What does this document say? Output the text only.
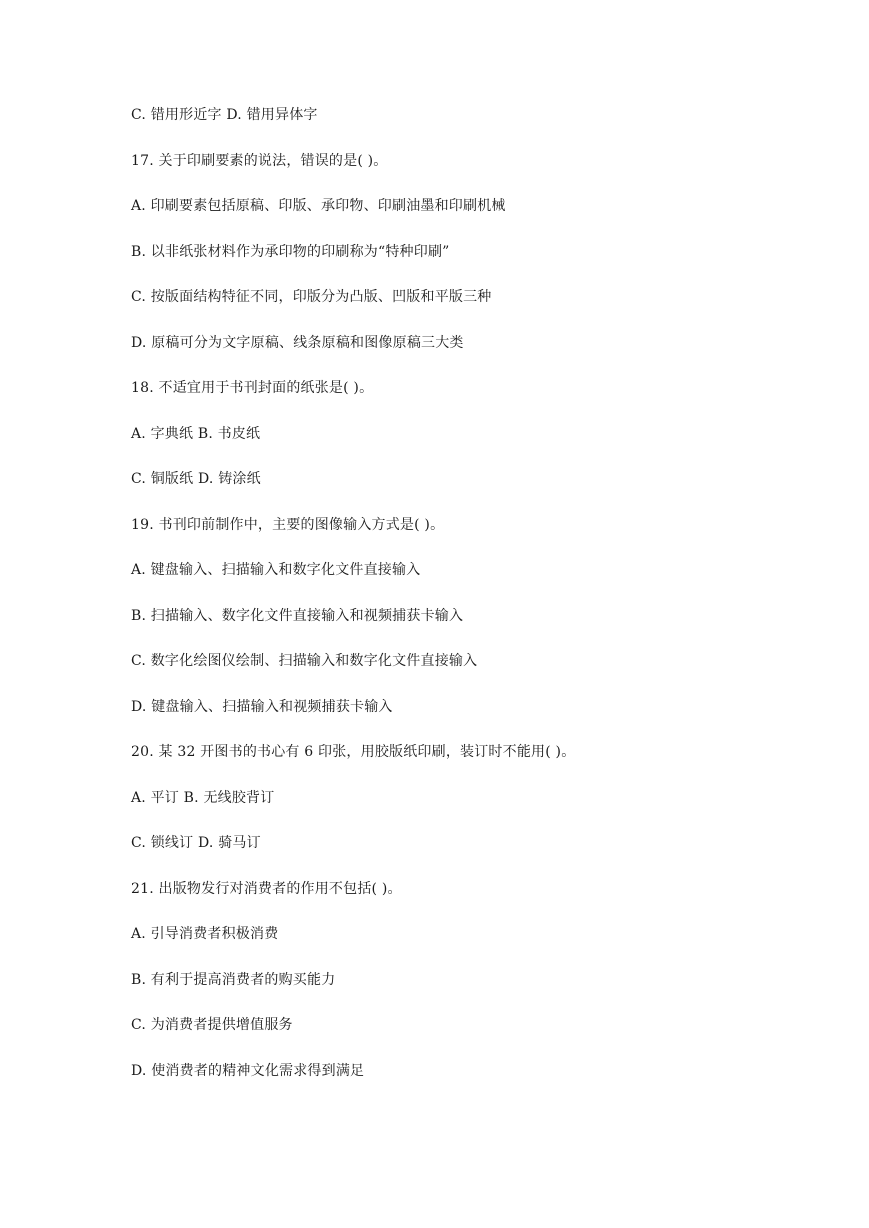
C. 错用形近字 D. 错用异体字
17. 关于印刷要素的说法，错误的是( )。
A. 印刷要素包括原稿、印版、承印物、印刷油墨和印刷机械
B. 以非纸张材料作为承印物的印刷称为“特种印刷”
C. 按版面结构特征不同，印版分为凸版、凹版和平版三种
D. 原稿可分为文字原稿、线条原稿和图像原稿三大类
18. 不适宜用于书刊封面的纸张是( )。
A. 字典纸 B. 书皮纸
C. 铜版纸 D. 铸涂纸
19. 书刊印前制作中，主要的图像输入方式是( )。
A. 键盘输入、扫描输入和数字化文件直接输入
B. 扫描输入、数字化文件直接输入和视频捕获卡输入
C. 数字化绘图仪绘制、扫描输入和数字化文件直接输入
D. 键盘输入、扫描输入和视频捕获卡输入
20. 某 32 开图书的书心有 6 印张，用胶版纸印刷，装订时不能用( )。
A. 平订 B. 无线胶背订
C. 锁线订 D. 骑马订
21. 出版物发行对消费者的作用不包括( )。
A. 引导消费者积极消费
B. 有利于提高消费者的购买能力
C. 为消费者提供增值服务
D. 使消费者的精神文化需求得到满足
